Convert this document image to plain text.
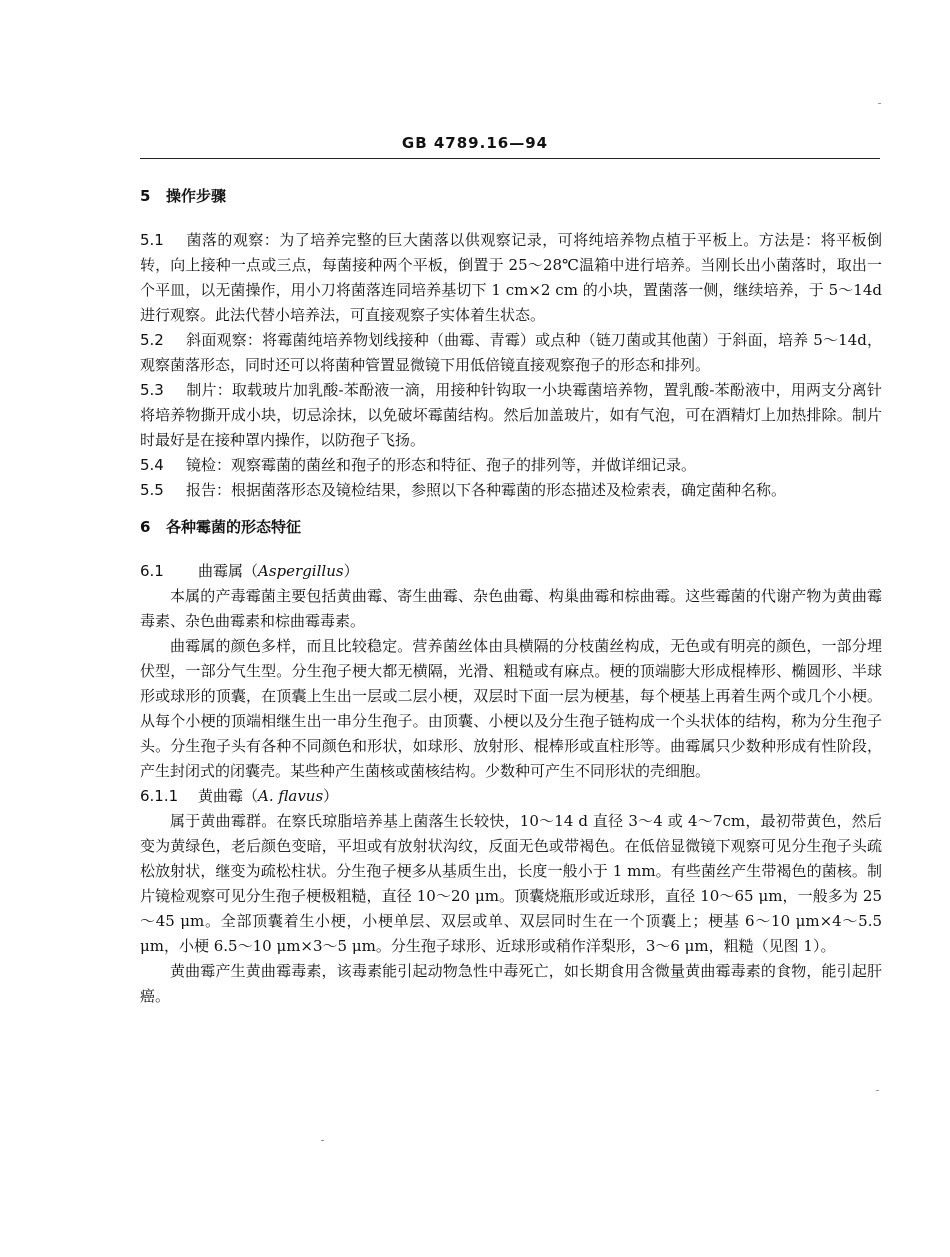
GB 4789.16—94
5 操作步骤

5.1 菌落的观察：为了培养完整的巨大菌落以供观察记录，可将纯培养物点植于平板上。方法是：将平板倒转，向上接种一点或三点，每菌接种两个平板，倒置于 25～28℃温箱中进行培养。当刚长出小菌落时，取出一个平皿，以无菌操作，用小刀将菌落连同培养基切下 1 cm×2 cm 的小块，置菌落一侧，继续培养，于 5～14d 进行观察。此法代替小培养法，可直接观察子实体着生状态。

5.2 斜面观察：将霉菌纯培养物划线接种（曲霉、青霉）或点种（链刀菌或其他菌）于斜面，培养 5～14d，观察菌落形态，同时还可以将菌种管置显微镜下用低倍镜直接观察孢子的形态和排列。

5.3 制片：取载玻片加乳酸-苯酚液一滴，用接种针钩取一小块霉菌培养物，置乳酸-苯酚液中，用两支分离针将培养物撕开成小块，切忌涂抹，以免破坏霉菌结构。然后加盖玻片，如有气泡，可在酒精灯上加热排除。制片时最好是在接种罩内操作，以防孢子飞扬。

5.4 镜检：观察霉菌的菌丝和孢子的形态和特征、孢子的排列等，并做详细记录。

5.5 报告：根据菌落形态及镜检结果，参照以下各种霉菌的形态描述及检索表，确定菌种名称。

6 各种霉菌的形态特征

6.1 曲霉属（Aspergillus）

本属的产毒霉菌主要包括黄曲霉、寄生曲霉、杂色曲霉、构巢曲霉和棕曲霉。这些霉菌的代谢产物为黄曲霉毒素、杂色曲霉素和棕曲霉毒素。

曲霉属的颜色多样，而且比较稳定。营养菌丝体由具横隔的分枝菌丝构成，无色或有明亮的颜色，一部分埋伏型，一部分气生型。分生孢子梗大都无横隔，光滑、粗糙或有麻点。梗的顶端膨大形成棍棒形、椭圆形、半球形或球形的顶囊，在顶囊上生出一层或二层小梗，双层时下面一层为梗基，每个梗基上再着生两个或几个小梗。从每个小梗的顶端相继生出一串分生孢子。由顶囊、小梗以及分生孢子链构成一个头状体的结构，称为分生孢子头。分生孢子头有各种不同颜色和形状，如球形、放射形、棍棒形或直柱形等。曲霉属只少数种形成有性阶段，产生封闭式的闭囊壳。某些种产生菌核或菌核结构。少数种可产生不同形状的壳细胞。

6.1.1 黄曲霉（A. flavus）

属于黄曲霉群。在察氏琼脂培养基上菌落生长较快，10～14 d 直径 3～4 或 4～7cm，最初带黄色，然后变为黄绿色，老后颜色变暗，平坦或有放射状沟纹，反面无色或带褐色。在低倍显微镜下观察可见分生孢子头疏松放射状，继变为疏松柱状。分生孢子梗多从基质生出，长度一般小于 1 mm。有些菌丝产生带褐色的菌核。制片镜检观察可见分生孢子梗极粗糙，直径 10～20 μm。顶囊烧瓶形或近球形，直径 10～65 μm，一般多为 25～45 μm。全部顶囊着生小梗，小梗单层、双层或单、双层同时生在一个顶囊上；梗基 6～10 μm×4～5.5 μm，小梗 6.5～10 μm×3～5 μm。分生孢子球形、近球形或稍作洋梨形，3～6 μm，粗糙（见图 1）。

黄曲霉产生黄曲霉毒素，该毒素能引起动物急性中毒死亡，如长期食用含微量黄曲霉毒素的食物，能引起肝癌。
